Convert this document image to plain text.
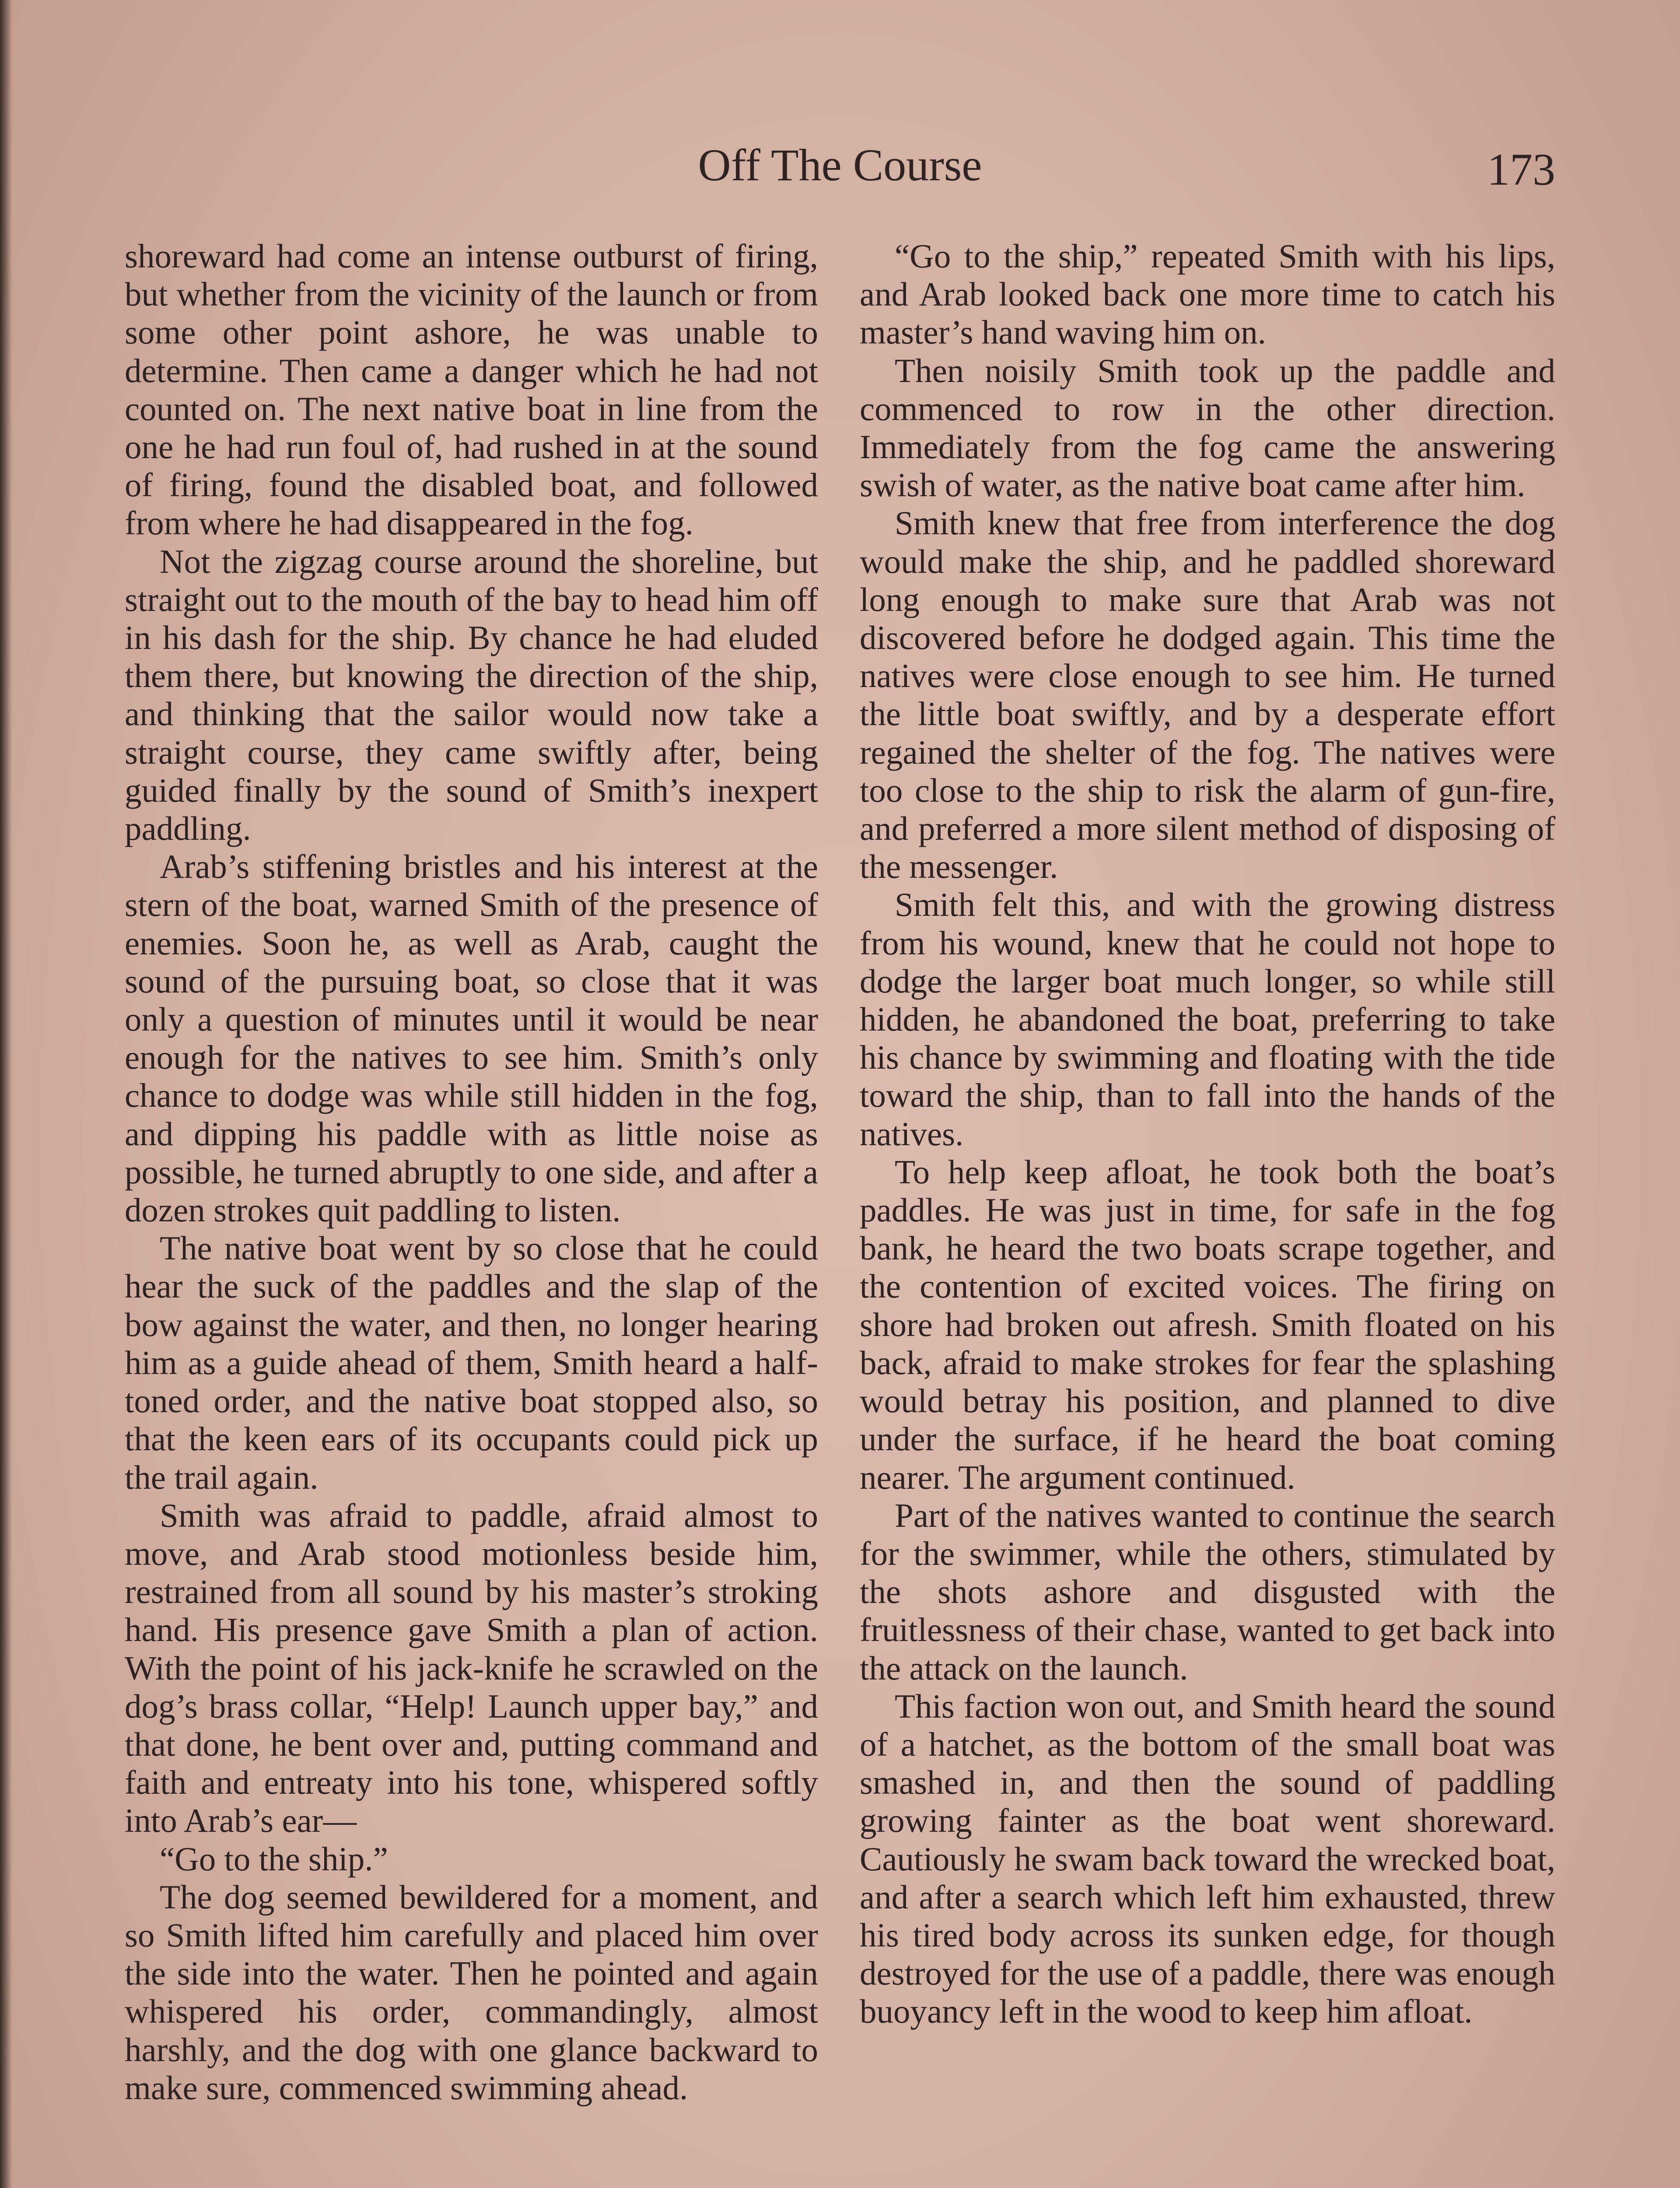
Off The Course	173

shoreward had come an intense outburst of firing, but whether from the vicinity of the launch or from some other point ashore, he was unable to determine. Then came a danger which he had not counted on. The next native boat in line from the one he had run foul of, had rushed in at the sound of firing, found the disabled boat, and followed from where he had disappeared in the fog.

Not the zigzag course around the shoreline, but straight out to the mouth of the bay to head him off in his dash for the ship. By chance he had eluded them there, but knowing the direction of the ship, and thinking that the sailor would now take a straight course, they came swiftly after, being guided finally by the sound of Smith’s inexpert paddling.

Arab’s stiffening bristles and his interest at the stern of the boat, warned Smith of the presence of enemies. Soon he, as well as Arab, caught the sound of the pursuing boat, so close that it was only a question of minutes until it would be near enough for the natives to see him. Smith’s only chance to dodge was while still hidden in the fog, and dipping his paddle with as little noise as possible, he turned abruptly to one side, and after a dozen strokes quit paddling to listen.

The native boat went by so close that he could hear the suck of the paddles and the slap of the bow against the water, and then, no longer hearing him as a guide ahead of them, Smith heard a half-toned order, and the native boat stopped also, so that the keen ears of its occupants could pick up the trail again.

Smith was afraid to paddle, afraid almost to move, and Arab stood motionless beside him, restrained from all sound by his master’s stroking hand. His presence gave Smith a plan of action. With the point of his jack-knife he scrawled on the dog’s brass collar, “Help! Launch upper bay,” and that done, he bent over and, putting command and faith and entreaty into his tone, whispered softly into Arab’s ear—

“Go to the ship.”

The dog seemed bewildered for a moment, and so Smith lifted him carefully and placed him over the side into the water. Then he pointed and again whispered his order, commandingly, almost harshly, and the dog with one glance backward to make sure, commenced swimming ahead.

“Go to the ship,” repeated Smith with his lips, and Arab looked back one more time to catch his master’s hand waving him on.

Then noisily Smith took up the paddle and commenced to row in the other direction. Immediately from the fog came the answering swish of water, as the native boat came after him.

Smith knew that free from interference the dog would make the ship, and he paddled shoreward long enough to make sure that Arab was not discovered before he dodged again. This time the natives were close enough to see him. He turned the little boat swiftly, and by a desperate effort regained the shelter of the fog. The natives were too close to the ship to risk the alarm of gun-fire, and preferred a more silent method of disposing of the messenger.

Smith felt this, and with the growing distress from his wound, knew that he could not hope to dodge the larger boat much longer, so while still hidden, he abandoned the boat, preferring to take his chance by swimming and floating with the tide toward the ship, than to fall into the hands of the natives.

To help keep afloat, he took both the boat’s paddles. He was just in time, for safe in the fog bank, he heard the two boats scrape together, and the contention of excited voices. The firing on shore had broken out afresh. Smith floated on his back, afraid to make strokes for fear the splashing would betray his position, and planned to dive under the surface, if he heard the boat coming nearer. The argument continued.

Part of the natives wanted to continue the search for the swimmer, while the others, stimulated by the shots ashore and disgusted with the fruitlessness of their chase, wanted to get back into the attack on the launch.

This faction won out, and Smith heard the sound of a hatchet, as the bottom of the small boat was smashed in, and then the sound of paddling growing fainter as the boat went shoreward. Cautiously he swam back toward the wrecked boat, and after a search which left him exhausted, threw his tired body across its sunken edge, for though destroyed for the use of a paddle, there was enough buoyancy left in the wood to keep him afloat.
